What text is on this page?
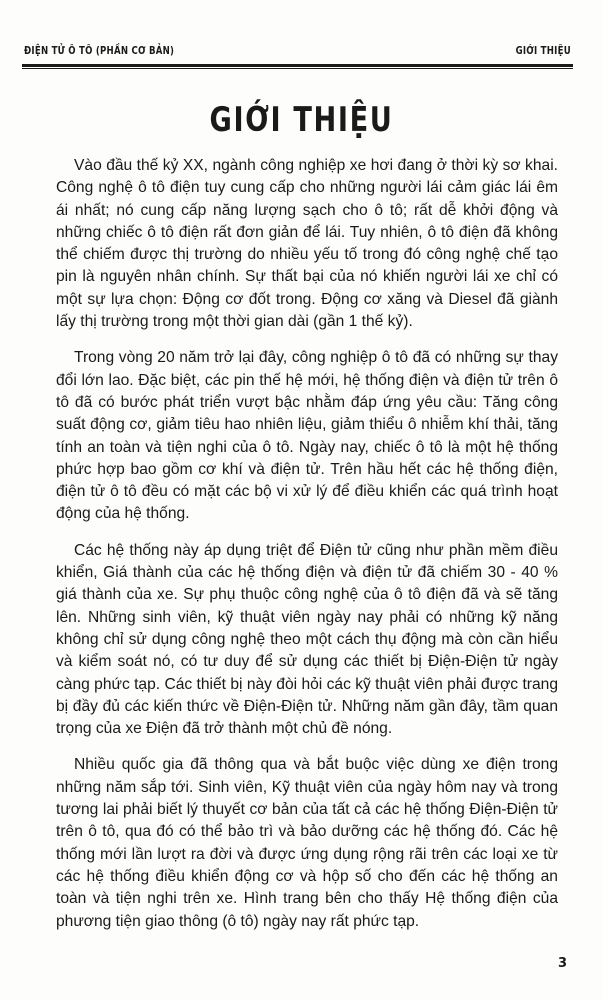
ĐIỆN TỬ Ô TÔ (PHẦN CƠ BẢN)	GIỚI THIỆU
GIỚI THIỆU

Vào đầu thế kỷ XX, ngành công nghiệp xe hơi đang ở thời kỳ sơ khai. Công nghệ ô tô điện tuy cung cấp cho những người lái cảm giác lái êm ái nhất; nó cung cấp năng lượng sạch cho ô tô; rất dễ khởi động và những chiếc ô tô điện rất đơn giản để lái. Tuy nhiên, ô tô điện đã không thể chiếm được thị trường do nhiều yếu tố trong đó công nghệ chế tạo pin là nguyên nhân chính. Sự thất bại của nó khiến người lái xe chỉ có một sự lựa chọn: Động cơ đốt trong. Động cơ xăng và Diesel đã giành lấy thị trường trong một thời gian dài (gần 1 thế kỷ).

Trong vòng 20 năm trở lại đây, công nghiệp ô tô đã có những sự thay đổi lớn lao. Đặc biệt, các pin thế hệ mới, hệ thống điện và điện tử trên ô tô đã có bước phát triển vượt bậc nhằm đáp ứng yêu cầu: Tăng công suất động cơ, giảm tiêu hao nhiên liệu, giảm thiểu ô nhiễm khí thải, tăng tính an toàn và tiện nghi của ô tô. Ngày nay, chiếc ô tô là một hệ thống phức hợp bao gồm cơ khí và điện tử. Trên hầu hết các hệ thống điện, điện tử ô tô đều có mặt các bộ vi xử lý để điều khiển các quá trình hoạt động của hệ thống.

Các hệ thống này áp dụng triệt để Điện tử cũng như phần mềm điều khiển, Giá thành của các hệ thống điện và điện tử đã chiếm 30 - 40 % giá thành của xe. Sự phụ thuộc công nghệ của ô tô điện đã và sẽ tăng lên. Những sinh viên, kỹ thuật viên ngày nay phải có những kỹ năng không chỉ sử dụng công nghệ theo một cách thụ động mà còn cần hiểu và kiểm soát nó, có tư duy để sử dụng các thiết bị Điện-Điện tử ngày càng phức tạp. Các thiết bị này đòi hỏi các kỹ thuật viên phải được trang bị đầy đủ các kiến thức về Điện-Điện tử. Những năm gần đây, tầm quan trọng của xe Điện đã trở thành một chủ đề nóng.

Nhiều quốc gia đã thông qua và bắt buộc việc dùng xe điện trong những năm sắp tới. Sinh viên, Kỹ thuật viên của ngày hôm nay và trong tương lai phải biết lý thuyết cơ bản của tất cả các hệ thống Điện-Điện tử trên ô tô, qua đó có thể bảo trì và bảo dưỡng các hệ thống đó. Các hệ thống mới lần lượt ra đời và được ứng dụng rộng rãi trên các loại xe từ các hệ thống điều khiển động cơ và hộp số cho đến các hệ thống an toàn và tiện nghi trên xe. Hình trang bên cho thấy Hệ thống điện của phương tiện giao thông (ô tô) ngày nay rất phức tạp.

3
